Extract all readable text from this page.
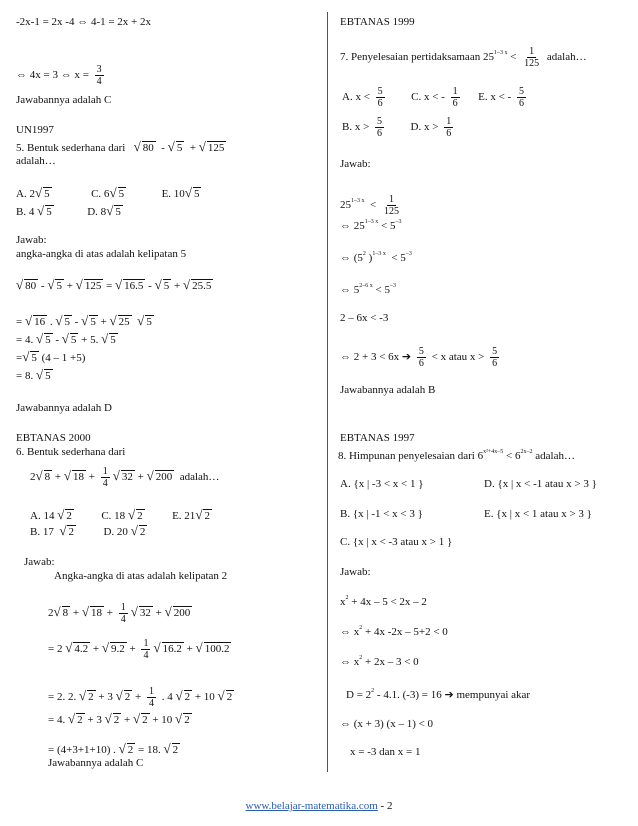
-2x-1 = 2x -4 ⇔ 4-1 = 2x + 2x
⇔ 4x = 3 ⇔ $x = \frac{3}{4}$
Jawabannya adalah C
UN1997
5. Bentuk sederhana dari √ 80  - √ 5  + √ 125
adalah…
A. 2√ 5	C. 6√ 5	E. 10√ 5
B. 4 √ 5	D. 8√ 5
Jawab:
angka-angka di atas adalah kelipatan 5
√ 80 - √ 5 + √ 125 = √ 16.5 - √ 5 + √ 25.5
= √ 16 . √ 5 - √ 5 + √ 25 √ 5
= 4. √ 5 - √ 5 + 5. √ 5
=√ 5 (4 – 1 +5)
= 8. √ 5
Jawabannya adalah D
EBTANAS 2000
6. Bentuk sederhana dari
2√ 8 + √ $18 + \frac{1}{4}$ √ 32 + √ 200 adalah…
A. 14 √ 2	C. 18 √ 2	E. 21√ 2
B. 17 √ 2	D. 20 √ 2
Jawab:
Angka-angka di atas adalah kelipatan 2
2√ 8 + √ $18 + \frac{1}{4}$ √ 32 + √ 200
= 2 √ 4.2 + √ $9.2 + \frac{1}{4}$ √ 16.2 + √ 100.2
= 2. 2. √ 2 + 3 √ $2 + \frac{1}{4}$ . 4 √ 2 + 10 √ 2
= 4. √ 2 + 3 √ 2 + √ 2 + 10 √ 2
= (4+3+1+10) . √ 2 = 18. √ 2
Jawabannya adalah C
EBTANAS 1999
7. Penyelesaian pertidaksamaan $25^{1-3 x} < \frac{1}{125}$ adalah…
A. $x < \frac{5}{6} C$. x < - $\frac{1}{6} E$. x < - $\frac{5}{6}$
B. $x > \frac{5}{6} D$. $x > \frac{1}{6}$
Jawab:
$25^{1-3 x} < \frac{1}{125}$
⇔ $25^{1-3 x} < 5^{-3}$
⇔ ($5^2$ )$^{1-3 x} < 5^{-3}$
⇔ $5^{2-6 x} < 5^{-3}$
2 – 6x < -3
⇔ 2 + 3 < 6x ➔ $\frac{5}{6} < x$ atau $x > \frac{5}{6}$
Jawabannya adalah B
EBTANAS 1997
8. Himpunan penyelesaian dari $6^{x^2+4x-5} < 6^{2x-2}$ adalah…
A. {x | -3 < x < 1 }	D. {x | x < -1 atau x > 3 }
B. {x | -1 < x < 3 }	E. {x | x < 1 atau x > 3 }
C. {x | x < -3 atau x > 1 }
Jawab:
$x^2 + 4x - 5 < 2x - 2$
⇔ $x^2 + 4x$ -2x – 5+2 < 0
⇔ $x^2 + 2x - 3 < 0$
$D = 2^2 - 4.1$. (-3) = 16 ➔ mempunyai akar
⇔ (x + 3) (x – 1) < 0
x = -3 dan x = 1
www.belajar-matematika.com - 2
